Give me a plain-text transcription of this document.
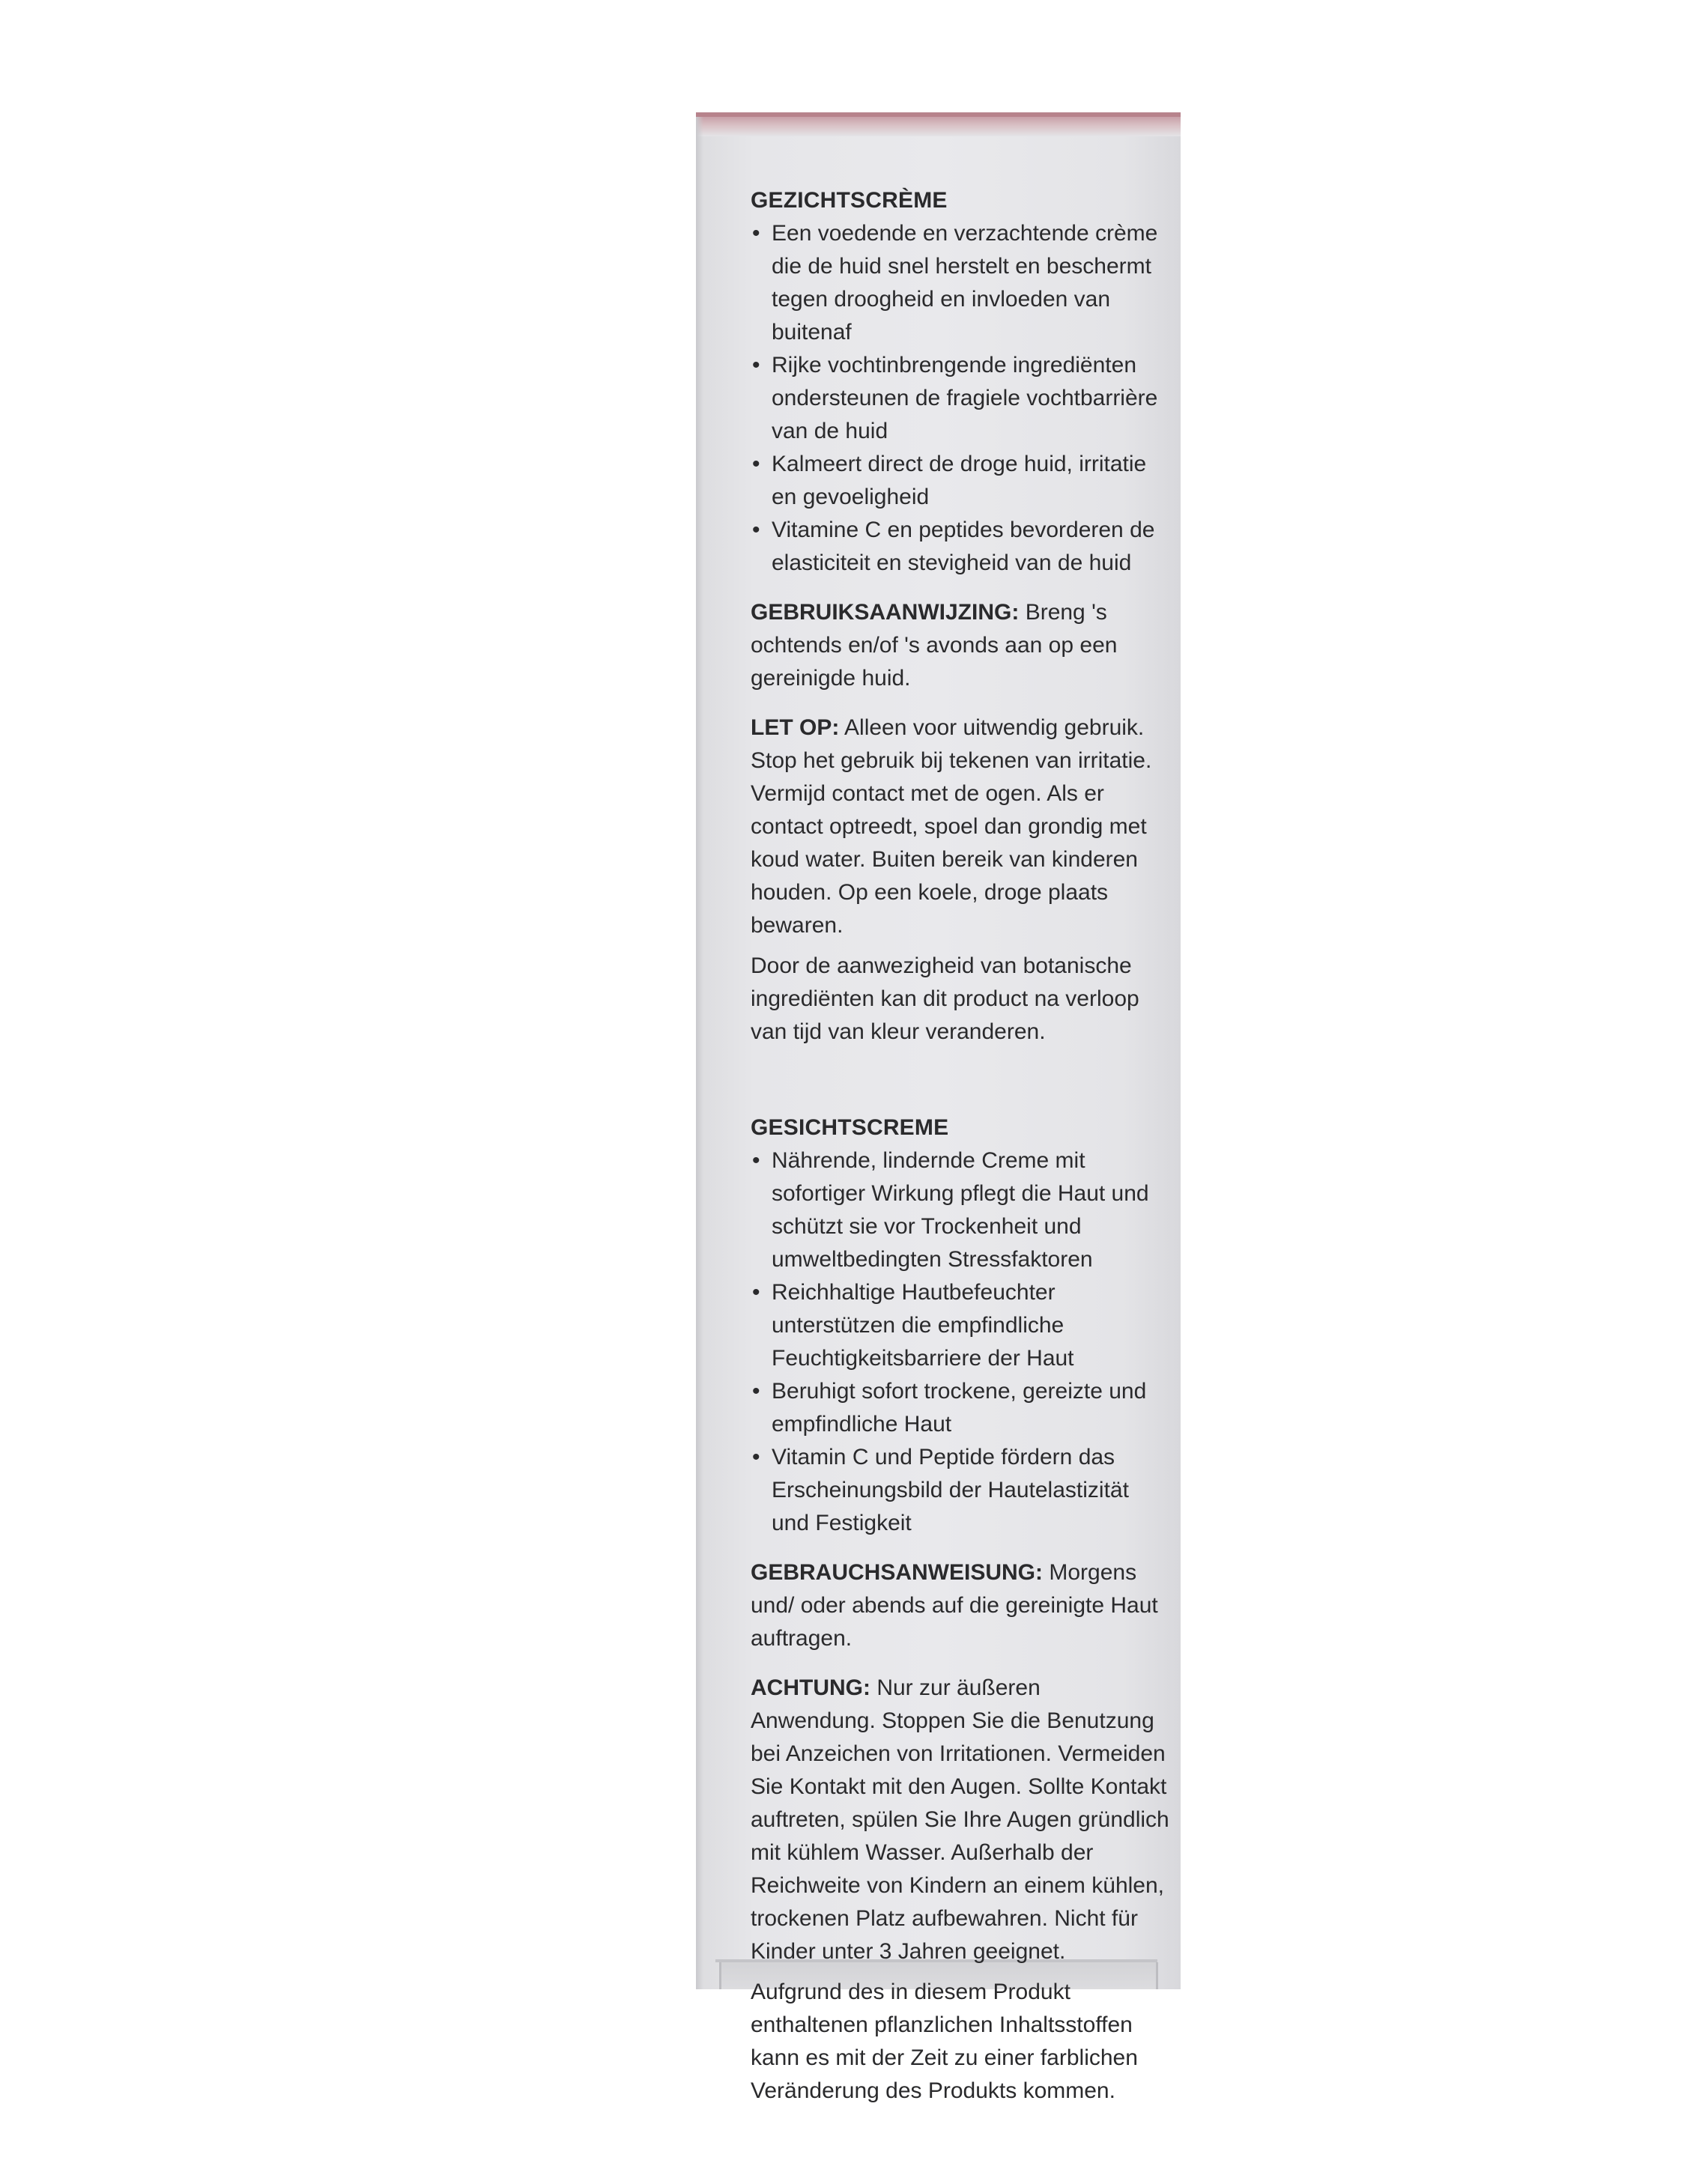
GEZICHTSCRÈME
• Een voedende en verzachtende crème die de huid snel herstelt en beschermt tegen droogheid en invloeden van buitenaf
• Rijke vochtinbrengende ingrediënten ondersteunen de fragiele vochtbarrière van de huid
• Kalmeert direct de droge huid, irritatie en gevoeligheid
• Vitamine C en peptides bevorderen de elasticiteit en stevigheid van de huid

GEBRUIKSAANWIJZING: Breng 's ochtends en/of 's avonds aan op een gereinigde huid.

LET OP: Alleen voor uitwendig gebruik. Stop het gebruik bij tekenen van irritatie. Vermijd contact met de ogen. Als er contact optreedt, spoel dan grondig met koud water. Buiten bereik van kinderen houden. Op een koele, droge plaats bewaren.

Door de aanwezigheid van botanische ingrediënten kan dit product na verloop van tijd van kleur veranderen.

GESICHTSCREME
• Nährende, lindernde Creme mit sofortiger Wirkung pflegt die Haut und schützt sie vor Trockenheit und umweltbedingten Stressfaktoren
• Reichhaltige Hautbefeuchter unterstützen die empfindliche Feuchtigkeitsbarriere der Haut
• Beruhigt sofort trockene, gereizte und empfindliche Haut
• Vitamin C und Peptide fördern das Erscheinungsbild der Hautelastizität und Festigkeit

GEBRAUCHSANWEISUNG: Morgens und/ oder abends auf die gereinigte Haut auftragen.

ACHTUNG: Nur zur äußeren Anwendung. Stoppen Sie die Benutzung bei Anzeichen von Irritationen. Vermeiden Sie Kontakt mit den Augen. Sollte Kontakt auftreten, spülen Sie Ihre Augen gründlich mit kühlem Wasser. Außerhalb der Reichweite von Kindern an einem kühlen, trockenen Platz aufbewahren. Nicht für Kinder unter 3 Jahren geeignet.

Aufgrund des in diesem Produkt enthaltenen pflanzlichen Inhaltsstoffen kann es mit der Zeit zu einer farblichen Veränderung des Produkts kommen.
